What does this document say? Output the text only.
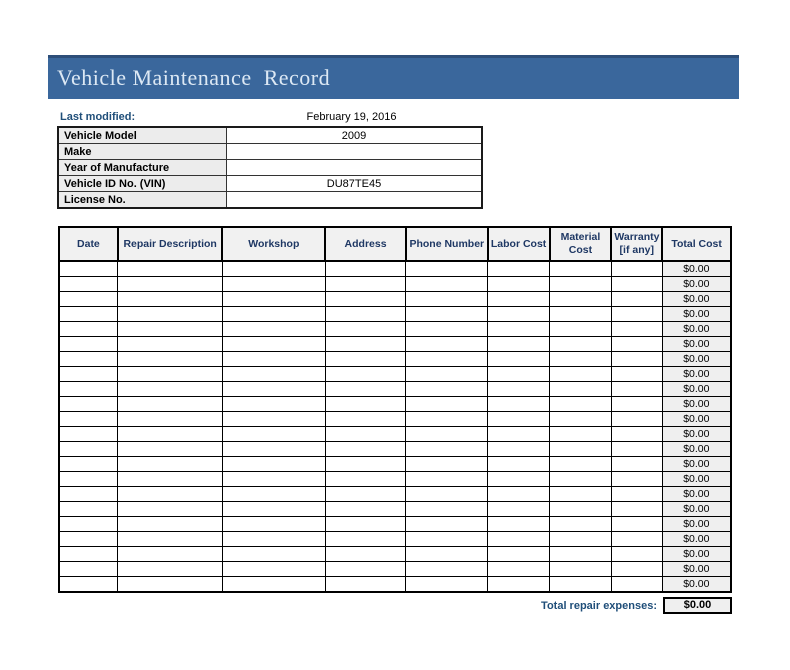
Vehicle Maintenance  Record
Last modified:	February 19, 2016
Vehicle Model	2009
Make	
Year of Manufacture	
Vehicle ID No. (VIN)	DU87TE45
License No.	
Date	Repair Description	Workshop	Address	Phone Number	Labor Cost	Material Cost	Warranty [if any]	Total Cost
								$0.00
								$0.00
								$0.00
								$0.00
								$0.00
								$0.00
								$0.00
								$0.00
								$0.00
								$0.00
								$0.00
								$0.00
								$0.00
								$0.00
								$0.00
								$0.00
								$0.00
								$0.00
								$0.00
								$0.00
								$0.00
								$0.00
Total repair expenses:	$0.00
